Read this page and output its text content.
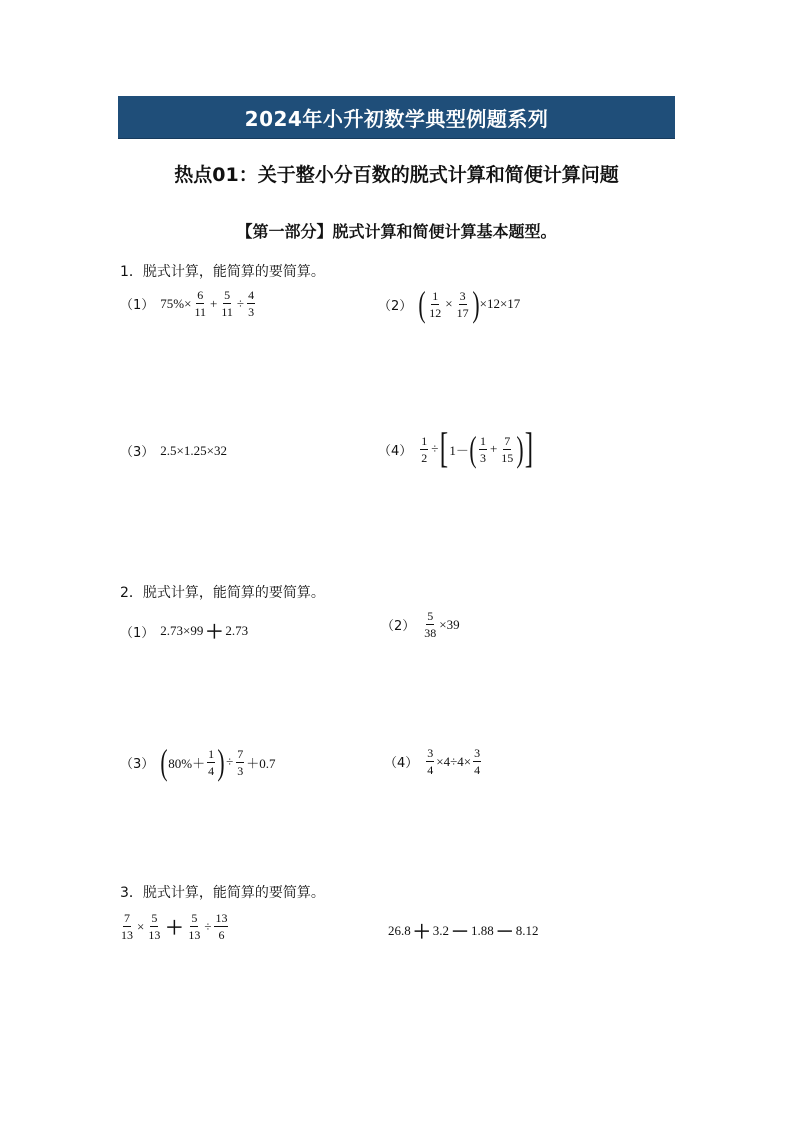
2024年小升初数学典型例题系列
热点01：关于整小分百数的脱式计算和简便计算问题
【第一部分】脱式计算和简便计算基本题型。
1．脱式计算，能简算的要简算。
（1） $75\%\times \frac{6}{11} + \frac{5}{11} \div \frac{4}{3}$	（2） ( $\frac{1}{12} \times \frac{3}{17}$ ) ×12×17
（3） 2.5×1.25×32	$(4) \frac{1}{2}$ ÷ [ 1－ ( $\frac{1}{3} + \frac{7}{15}$ ) ]
2．脱式计算，能简算的要简算。
（1） 2.73×99 ＋ 2.73	$(2) \frac{5}{38} \times 39$
（3） ( $80\%+ \frac{1}{4}$ ) ÷ $\frac{7}{3} +0.7$	$(4) \frac{3}{4} \times 4\div 4\times \frac{3}{4}$
3．脱式计算，能简算的要简算。
$\frac{7}{13} \times \frac{5}{13} + \frac{5}{13} \div \frac{13}{6}$	26.8 ＋ 3.2 － 1.88 － 8.12
